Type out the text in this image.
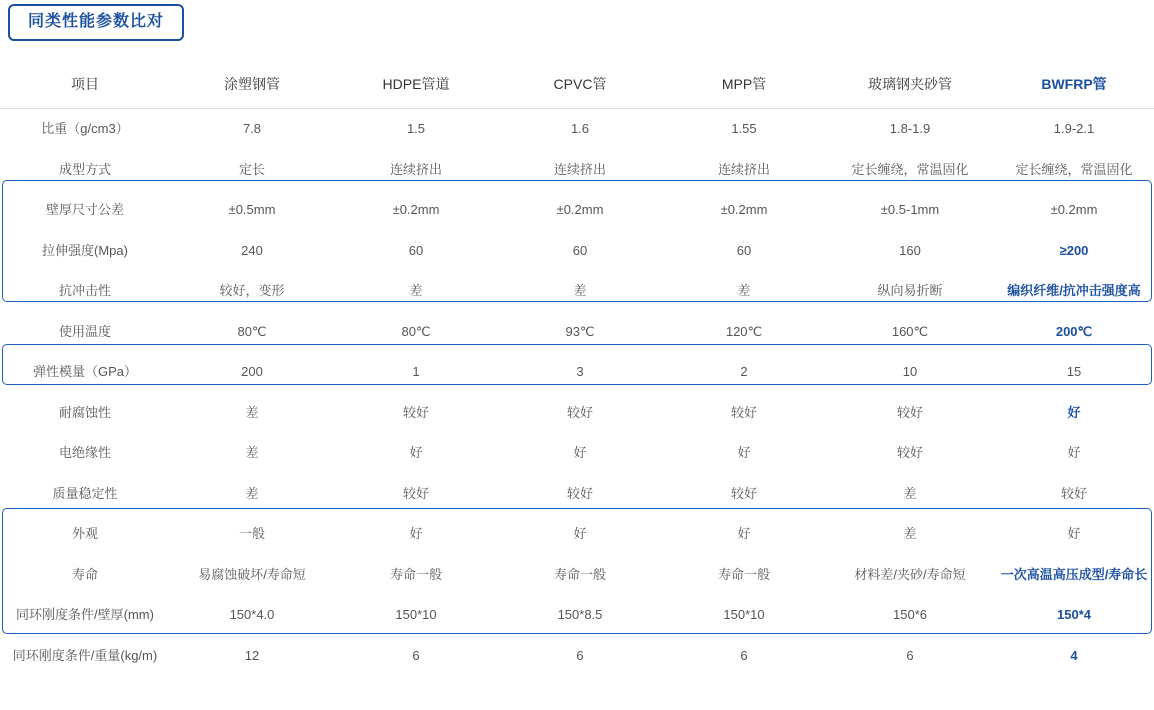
同类性能参数比对
项目	涂塑钢管	HDPE管道	CPVC管	MPP管	玻璃钢夹砂管	BWFRP管
比重（g/cm3）	7.8	1.5	1.6	1.55	1.8-1.9	1.9-2.1
成型方式	定长	连续挤出	连续挤出	连续挤出	定长缠绕，常温固化	定长缠绕，常温固化
壁厚尺寸公差	±0.5mm	±0.2mm	±0.2mm	±0.2mm	±0.5-1mm	±0.2mm
拉伸强度(Mpa)	240	60	60	60	160	≥200
抗冲击性	较好，变形	差	差	差	纵向易折断	编织纤维/抗冲击强度高
使用温度	80℃	80℃	93℃	120℃	160℃	200℃
弹性模量（GPa）	200	1	3	2	10	15
耐腐蚀性	差	较好	较好	较好	较好	好
电绝缘性	差	好	好	好	较好	好
质量稳定性	差	较好	较好	较好	差	较好
外观	一般	好	好	好	差	好
寿命	易腐蚀破坏/寿命短	寿命一般	寿命一般	寿命一般	材料差/夹砂/寿命短	一次高温高压成型/寿命长
同环刚度条件/壁厚(mm)	150*4.0	150*10	150*8.5	150*10	150*6	150*4
同环刚度条件/重量(kg/m)	12	6	6	6	6	4
